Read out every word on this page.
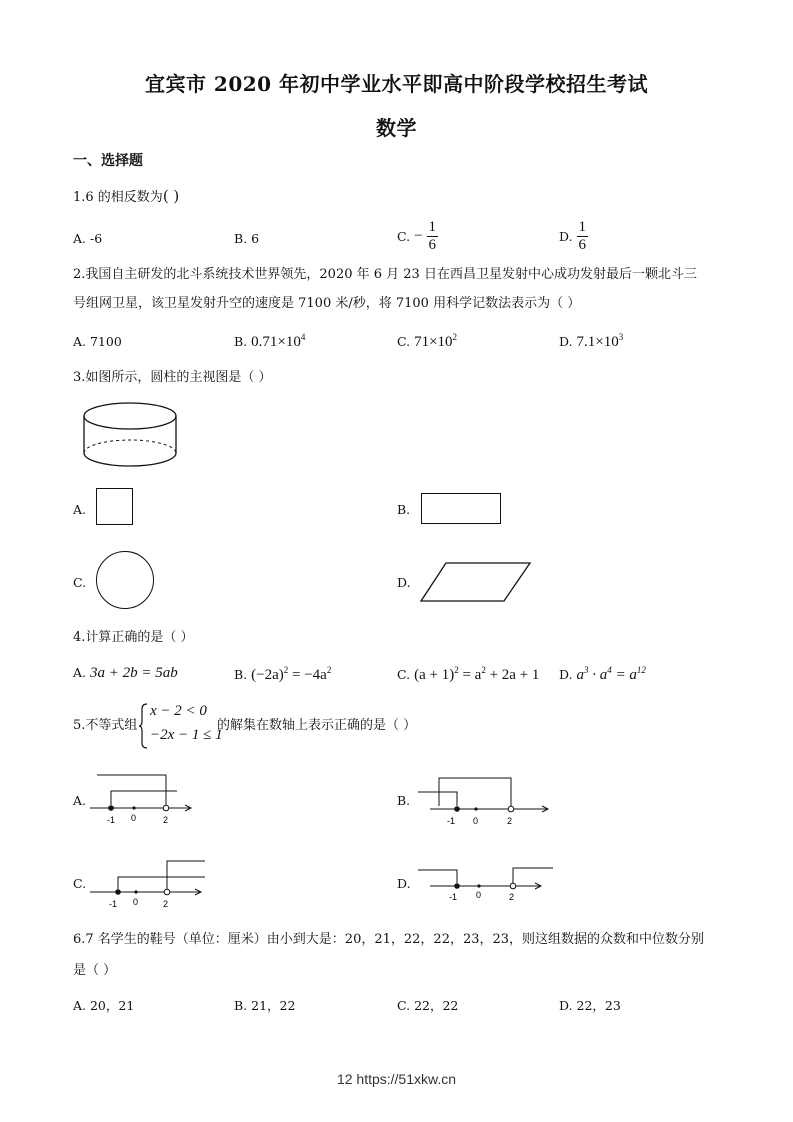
宜宾市 2020 年初中学业水平即高中阶段学校招生考试
数学
一、选择题
1.6 的相反数为( )
A. -6	B. 6	C. − $\frac{1}{6}$	D. $\frac{1}{6}$
2.我国自主研发的北斗系统技术世界领先，2020 年 6 月 23 日在西昌卫星发射中心成功发射最后一颗北斗三
号组网卫星，该卫星发射升空的速度是 7100 米/秒，将 7100 用科学记数法表示为（ ）
A. 7100	B. $0.71\times 10^4$	C. $71\times 10^2$	D. $7.1\times 10^3$
3.如图所示，圆柱的主视图是（ ）
A.	B.
C.	D.
4.计算正确的是（ ）
A. 3a + 2b = 5ab	B. $(-2a)^2 = -4a^2$	C. $(a + 1)^2 = a^2 + 2a + 1$ D. $a^3 \cdot a^4 = a^{12}$
5.不等式组
x − 2 < 0
−2x − 1 ≤ 1
的解集在数轴上表示正确的是（ ）
A.
-1 0	2
B.
-1 0	2
C.
-1 0	2
D.
-1 0	2
6.7 名学生的鞋号（单位：厘米）由小到大是：20，21，22，22，23，23，则这组数据的众数和中位数分别
是（ ）
A. 20，21	B. 21，22	C. 22，22	D. 22，23
12 https://51xkw.cn
